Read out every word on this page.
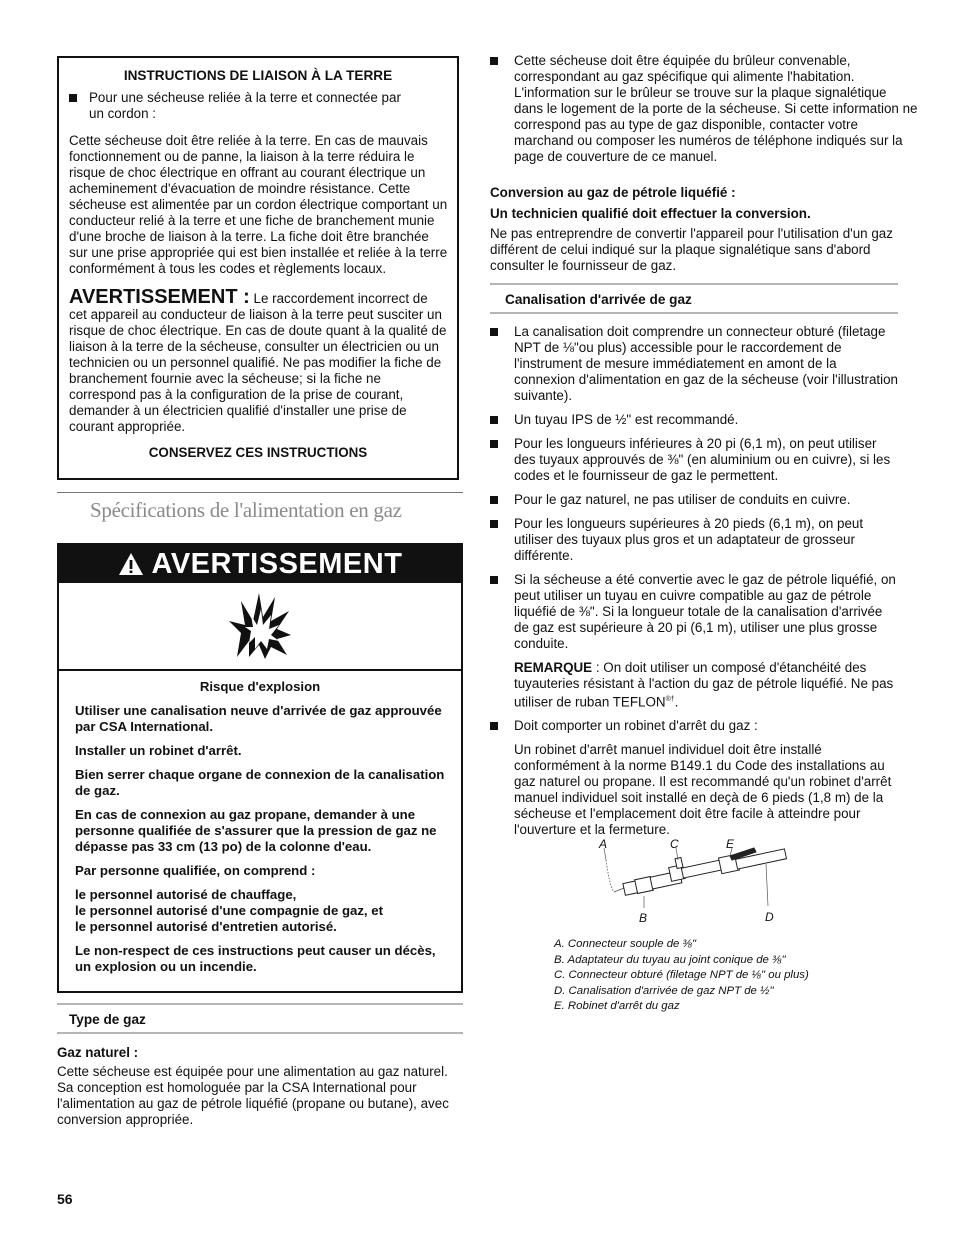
INSTRUCTIONS DE LIAISON À LA TERRE
Pour une sécheuse reliée à la terre et connectée par un cordon :

Cette sécheuse doit être reliée à la terre. En cas de mauvais fonctionnement ou de panne, la liaison à la terre réduira le risque de choc électrique en offrant au courant électrique un acheminement d'évacuation de moindre résistance. Cette sécheuse est alimentée par un cordon électrique comportant un conducteur relié à la terre et une fiche de branchement munie d'une broche de liaison à la terre. La fiche doit être branchée sur une prise appropriée qui est bien installée et reliée à la terre conformément à tous les codes et règlements locaux.

AVERTISSEMENT : Le raccordement incorrect de cet appareil au conducteur de liaison à la terre peut susciter un risque de choc électrique. En cas de doute quant à la qualité de liaison à la terre de la sécheuse, consulter un électricien ou un technicien ou un personnel qualifié. Ne pas modifier la fiche de branchement fournie avec la sécheuse; si la fiche ne correspond pas à la configuration de la prise de courant, demander à un électricien qualifié d'installer une prise de courant appropriée.

CONSERVEZ CES INSTRUCTIONS
Spécifications de l'alimentation en gaz
AVERTISSEMENT

Risque d'explosion

Utiliser une canalisation neuve d'arrivée de gaz approuvée par CSA International.

Installer un robinet d'arrêt.

Bien serrer chaque organe de connexion de la canalisation de gaz.

En cas de connexion au gaz propane, demander à une personne qualifiée de s'assurer que la pression de gaz ne dépasse pas 33 cm (13 po) de la colonne d'eau.

Par personne qualifiée, on comprend :

le personnel autorisé de chauffage,

le personnel autorisé d'une compagnie de gaz, et

le personnel autorisé d'entretien autorisé.

Le non-respect de ces instructions peut causer un décès, un explosion ou un incendie.

Type de gaz

Gaz naturel :

Cette sécheuse est équipée pour une alimentation au gaz naturel. Sa conception est homologuée par la CSA International pour l'alimentation au gaz de pétrole liquéfié (propane ou butane), avec conversion appropriée.

Cette sécheuse doit être équipée du brûleur convenable, correspondant au gaz spécifique qui alimente l'habitation. L'information sur le brûleur se trouve sur la plaque signalétique dans le logement de la porte de la sécheuse. Si cette information ne correspond pas au type de gaz disponible, contacter votre marchand ou composer les numéros de téléphone indiqués sur la page de couverture de ce manuel.

Conversion au gaz de pétrole liquéfié :

Un technicien qualifié doit effectuer la conversion.

Ne pas entreprendre de convertir l'appareil pour l'utilisation d'un gaz différent de celui indiqué sur la plaque signalétique sans d'abord consulter le fournisseur de gaz.

Canalisation d'arrivée de gaz
La canalisation doit comprendre un connecteur obturé (filetage NPT de ⅛"ou plus) accessible pour le raccordement de l'instrument de mesure immédiatement en amont de la connexion d'alimentation en gaz de la sécheuse (voir l'illustration suivante).
Un tuyau IPS de ½" est recommandé.
Pour les longueurs inférieures à 20 pi (6,1 m), on peut utiliser des tuyaux approuvés de ⅜" (en aluminium ou en cuivre), si les codes et le fournisseur de gaz le permettent.
Pour le gaz naturel, ne pas utiliser de conduits en cuivre.
Pour les longueurs supérieures à 20 pieds (6,1 m), on peut utiliser des tuyaux plus gros et un adaptateur de grosseur différente.
Si la sécheuse a été convertie avec le gaz de pétrole liquéfié, on peut utiliser un tuyau en cuivre compatible au gaz de pétrole liquéfié de ⅜". Si la longueur totale de la canalisation d'arrivée de gaz est supérieure à 20 pi (6,1 m), utiliser une plus grosse conduite.

REMARQUE : On doit utiliser un composé d'étanchéité des tuyauteries résistant à l'action du gaz de pétrole liquéfié. Ne pas utiliser de ruban TEFLON®†.

Doit comporter un robinet d'arrêt du gaz :

Un robinet d'arrêt manuel individuel doit être installé conformément à la norme B149.1 du Code des installations au gaz naturel ou propane. Il est recommandé qu'un robinet d'arrêt manuel individuel soit installé en deçà de 6 pieds (1,8 m) de la sécheuse et l'emplacement doit être facile à atteindre pour l'ouverture et la fermeture.

A	C	E
B	D

A. Connecteur souple de ⅜"

B. Adaptateur du tuyau au joint conique de ⅜"

C. Connecteur obturé (filetage NPT de ⅛" ou plus)

D. Canalisation d'arrivée de gaz NPT de ½"

E. Robinet d'arrêt du gaz

56
